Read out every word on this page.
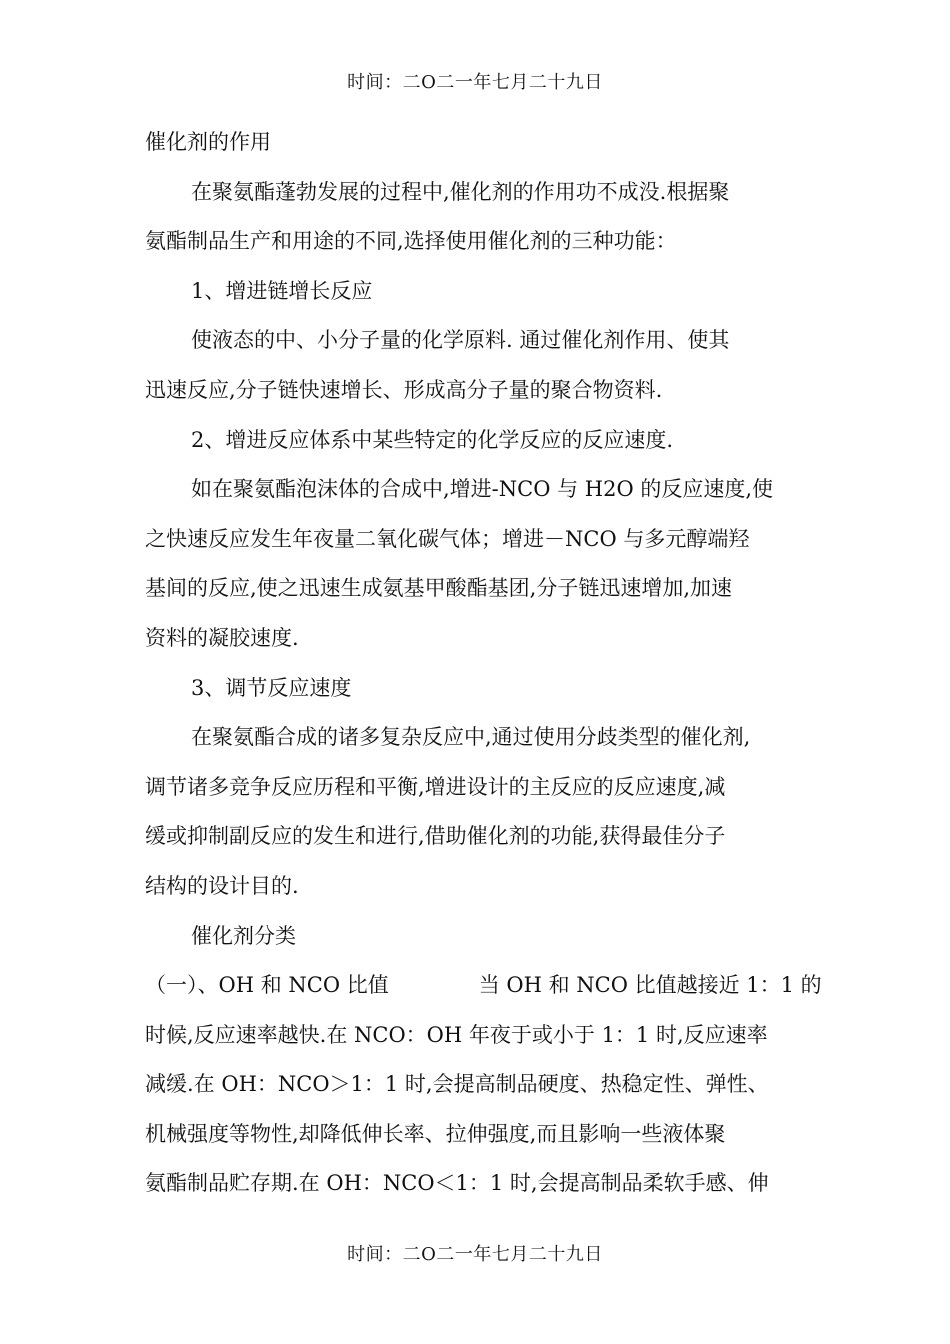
时间：二O二一年七月二十九日
催化剂的作用
在聚氨酯蓬勃发展的过程中,催化剂的作用功不成没.根据聚
氨酯制品生产和用途的不同,选择使用催化剂的三种功能：
1、增进链增长反应
使液态的中、小分子量的化学原料. 通过催化剂作用、使其
迅速反应,分子链快速增长、形成高分子量的聚合物资料.
2、增进反应体系中某些特定的化学反应的反应速度.
如在聚氨酯泡沫体的合成中,增进-NCO 与 H2O 的反应速度,使
之快速反应发生年夜量二氧化碳气体；增进－NCO 与多元醇端羟
基间的反应,使之迅速生成氨基甲酸酯基团,分子链迅速增加,加速
资料的凝胶速度.
3、调节反应速度
在聚氨酯合成的诸多复杂反应中,通过使用分歧类型的催化剂,
调节诸多竞争反应历程和平衡,增进设计的主反应的反应速度,减
缓或抑制副反应的发生和进行,借助催化剂的功能,获得最佳分子
结构的设计目的.
催化剂分类
（一）、OH 和 NCO 比值	当 OH 和 NCO 比值越接近 1：1 的
时候,反应速率越快.在 NCO：OH 年夜于或小于 1：1 时,反应速率
减缓.在 OH：NCO＞1：1 时,会提高制品硬度、热稳定性、弹性、
机械强度等物性,却降低伸长率、拉伸强度,而且影响一些液体聚
氨酯制品贮存期.在 OH：NCO＜1：1 时,会提高制品柔软手感、伸
时间：二O二一年七月二十九日
